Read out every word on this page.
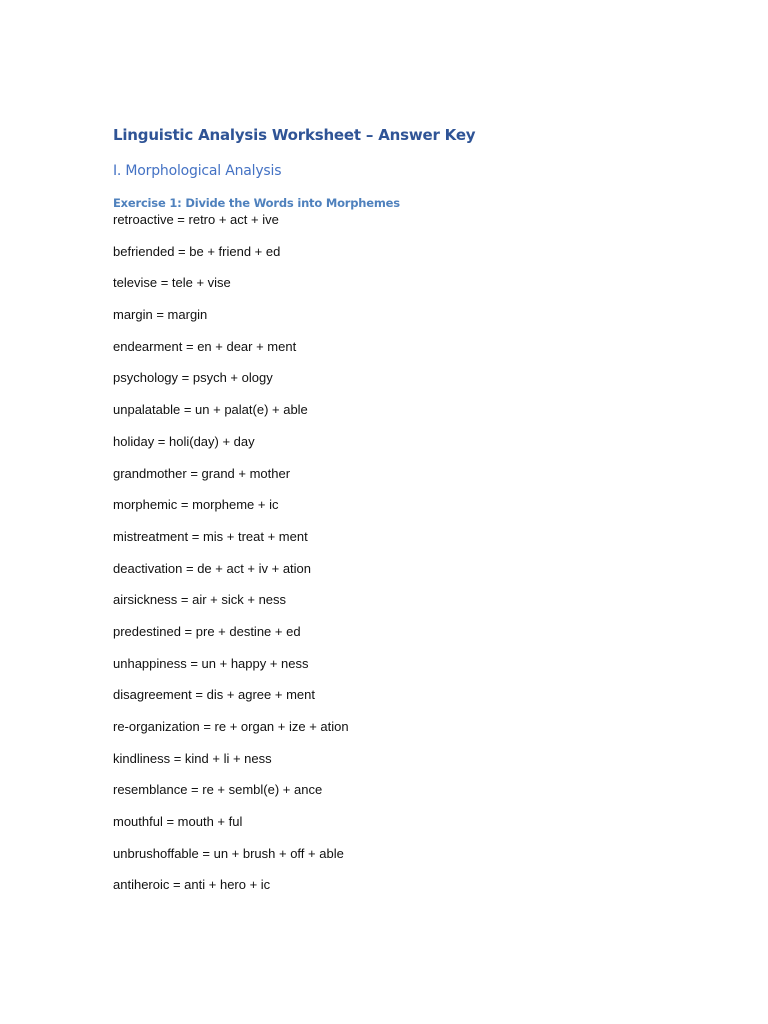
Linguistic Analysis Worksheet – Answer Key
I. Morphological Analysis
Exercise 1: Divide the Words into Morphemes
retroactive = retro + act + ive
befriended = be + friend + ed
televise = tele + vise
margin = margin
endearment = en + dear + ment
psychology = psych + ology
unpalatable = un + palat(e) + able
holiday = holi(day) + day
grandmother = grand + mother
morphemic = morpheme + ic
mistreatment = mis + treat + ment
deactivation = de + act + iv + ation
airsickness = air + sick + ness
predestined = pre + destine + ed
unhappiness = un + happy + ness
disagreement = dis + agree + ment
re-organization = re + organ + ize + ation
kindliness = kind + li + ness
resemblance = re + sembl(e) + ance
mouthful = mouth + ful
unbrushoffable = un + brush + off + able
antiheroic = anti + hero + ic
